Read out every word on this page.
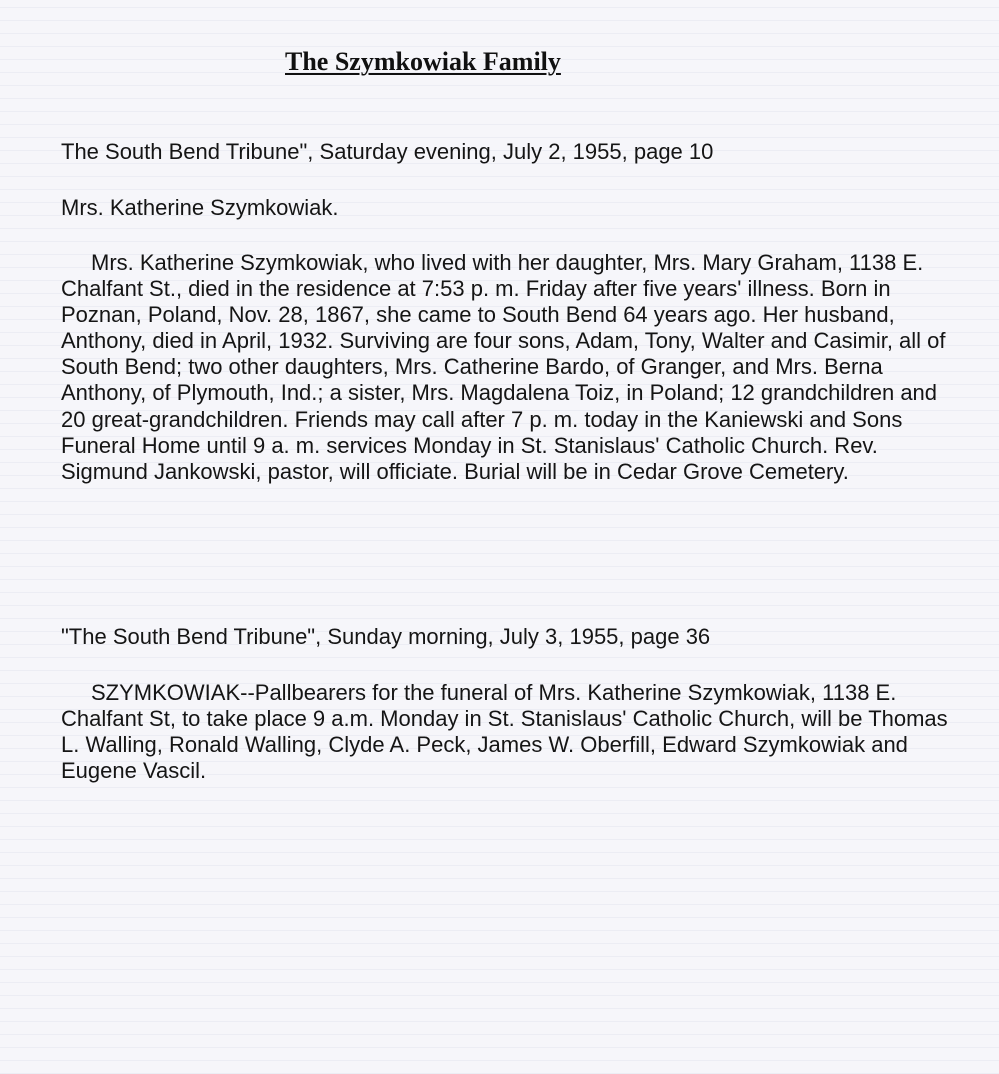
The Szymkowiak Family

The South Bend Tribune", Saturday evening, July 2, 1955, page 10

Mrs. Katherine Szymkowiak.

Mrs. Katherine Szymkowiak, who lived with her daughter, Mrs. Mary Graham, 1138 E. Chalfant St., died in the residence at 7:53 p. m. Friday after five years' illness. Born in Poznan, Poland, Nov. 28, 1867, she came to South Bend 64 years ago. Her husband, Anthony, died in April, 1932. Surviving are four sons, Adam, Tony, Walter and Casimir, all of South Bend; two other daughters, Mrs. Catherine Bardo, of Granger, and Mrs. Berna Anthony, of Plymouth, Ind.; a sister, Mrs. Magdalena Toiz, in Poland; 12 grandchildren and 20 great-grandchildren. Friends may call after 7 p. m. today in the Kaniewski and Sons Funeral Home until 9 a. m. services Monday in St. Stanislaus' Catholic Church. Rev. Sigmund Jankowski, pastor, will officiate. Burial will be in Cedar Grove Cemetery.

"The South Bend Tribune", Sunday morning, July 3, 1955, page 36

SZYMKOWIAK--Pallbearers for the funeral of Mrs. Katherine Szymkowiak, 1138 E. Chalfant St, to take place 9 a.m. Monday in St. Stanislaus' Catholic Church, will be Thomas L. Walling, Ronald Walling, Clyde A. Peck, James W. Oberfill, Edward Szymkowiak and Eugene Vascil.
